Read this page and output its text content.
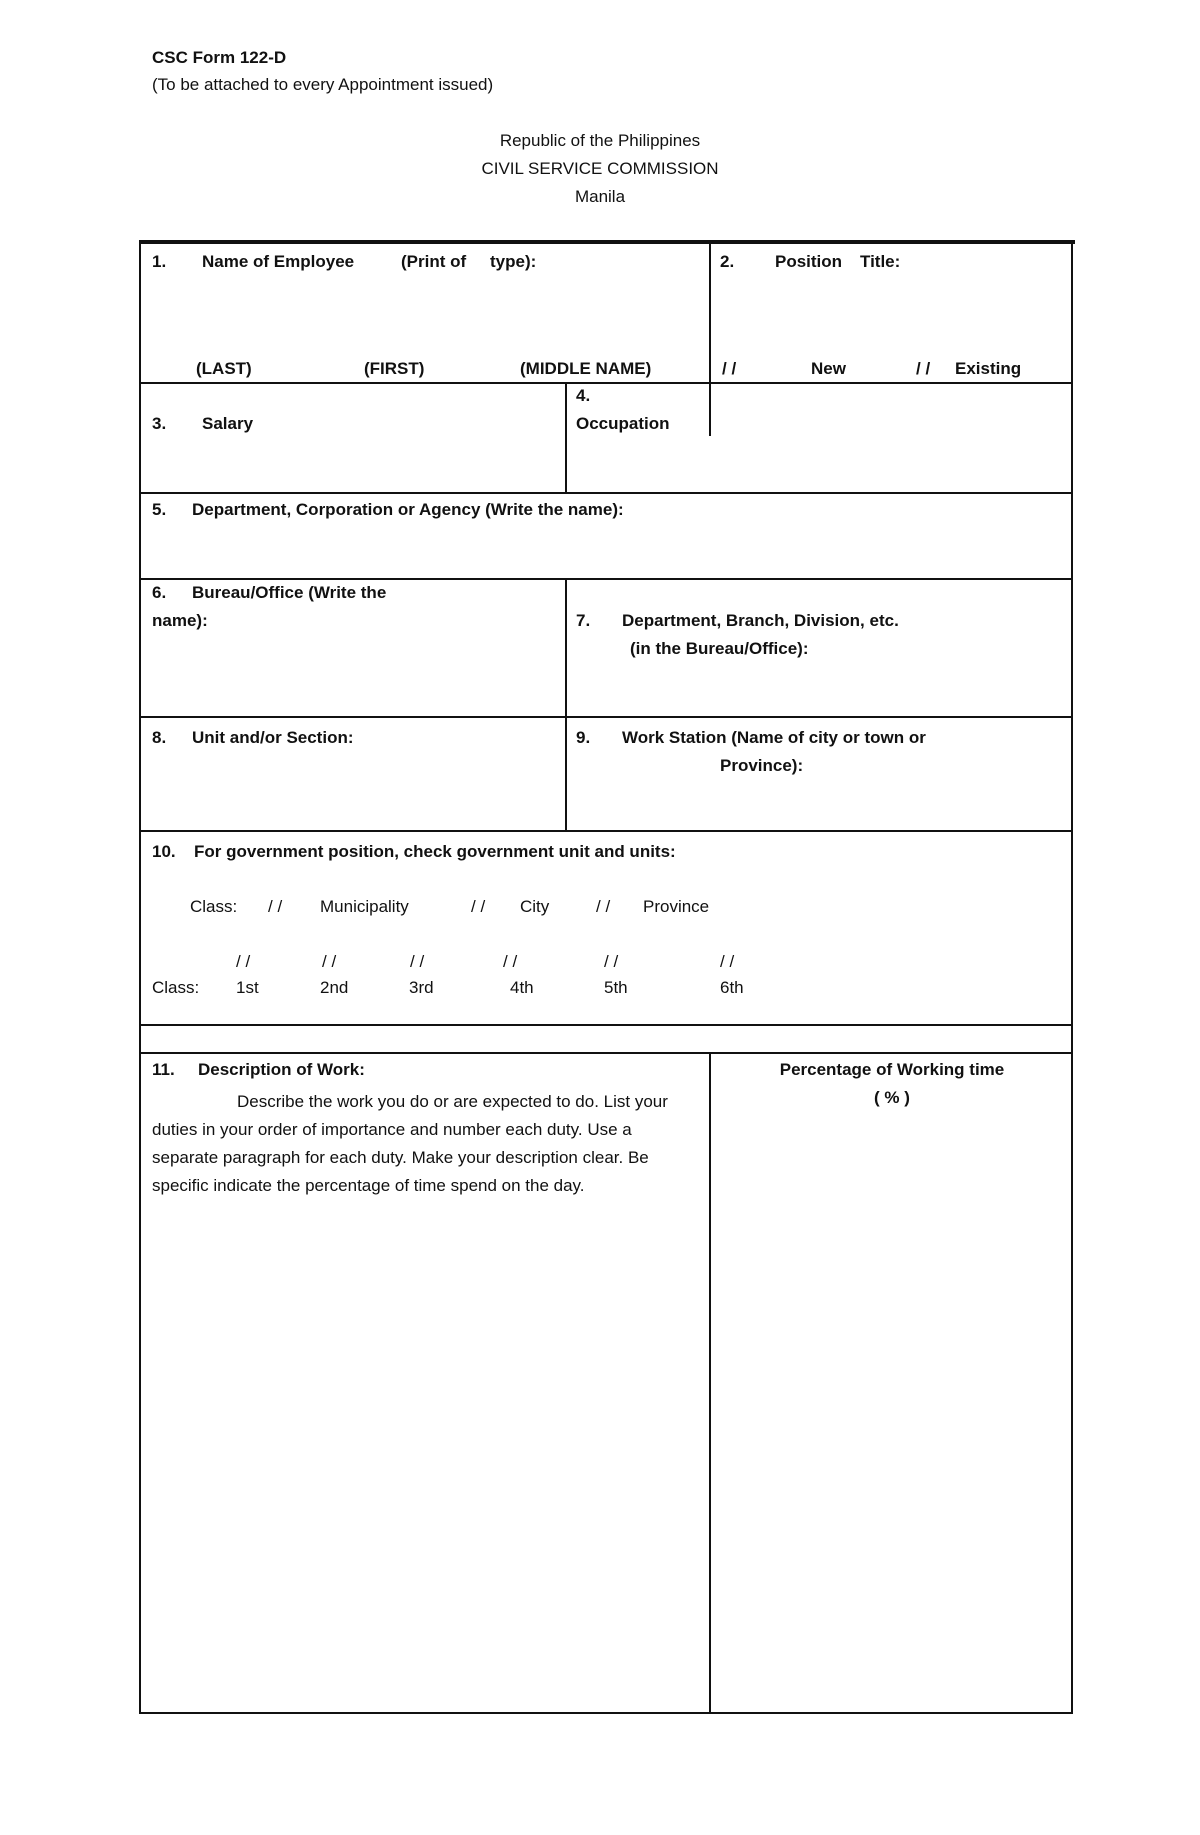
CSC Form 122-D
(To be attached to every Appointment issued)
Republic of the Philippines
CIVIL SERVICE COMMISSION
Manila
1. Name of Employee	(Print of type):
(LAST)	(FIRST)	(MIDDLE NAME)
2. Position Title:
/ /	New	/ / Existing
3. Salary
4.
Occupation
5. Department, Corporation or Agency (Write the name):
6. Bureau/Office (Write the
name):	7. Department, Branch, Division, etc.
(in the Bureau/Office):
8. Unit and/or Section:	9. Work Station (Name of city or town or
Province):
10. For government position, check government unit and units:
Class: / / Municipality	/ / City	/ / Province
/ /	/ /	/ /	/ /	/ /	/ /
Class: 1st	2nd	3rd	4th	5th	6th
11. Description of Work:
Describe the work you do or are expected to do. List your duties in your order of importance and number each duty. Use a separate paragraph for each duty. Make your description clear. Be specific indicate the percentage of time spend on the day.
Percentage of Working time
( % )
